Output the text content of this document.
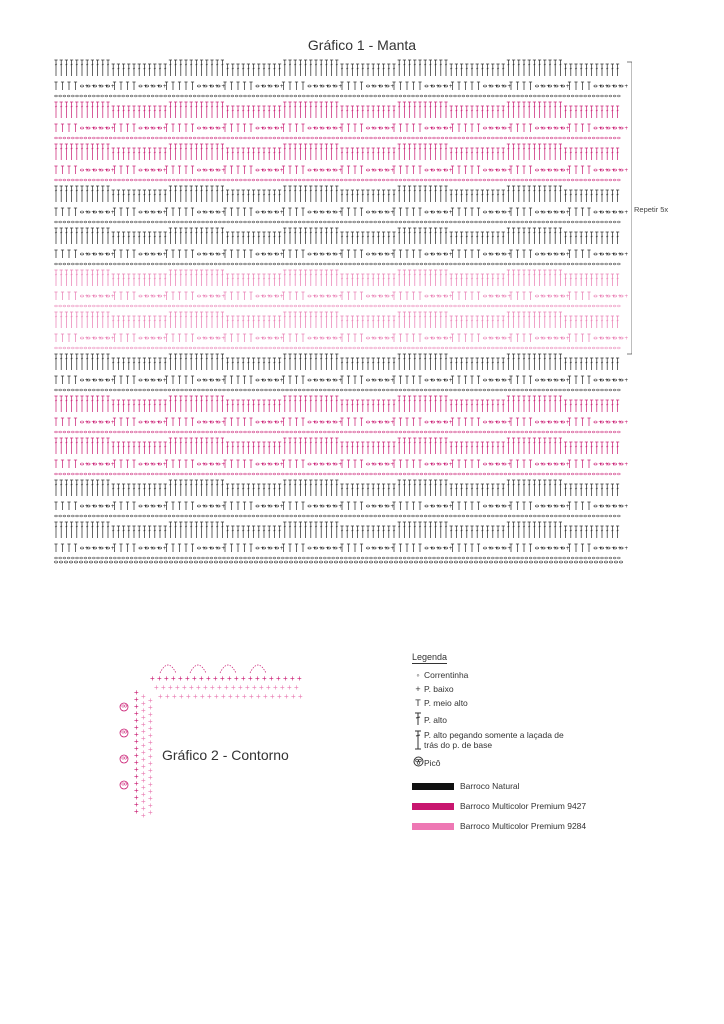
Gráfico 1 - Manta
+ + + + +	+ + + +	+ + + +	+ + + +	+ + + + +	+ + + +	+ + + +	+ + + +	+ + + + +	+ + + + +
+ + + + +	+ + + +	+ + + +	+ + + +	+ + + + +	+ + + +	+ + + +	+ + + +	+ + + + +	+ + + + +
+ + + + +	+ + + +	+ + + +	+ + + +	+ + + + +	+ + + +	+ + + +	+ + + +	+ + + + +	+ + + + +
+ + + + +	+ + + +	+ + + +	+ + + +	+ + + + +	+ + + +	+ + + +	+ + + +	+ + + + +	+ + + + +
+ + + + +	+ + + +	+ + + +	+ + + +	+ + + + +	+ + + +	+ + + +	+ + + +	+ + + + +	+ + + + +
+ + + + +	+ + + +	+ + + +	+ + + +	+ + + + +	+ + + +	+ + + +	+ + + +	+ + + + +	+ + + + +
+ + + + +	+ + + +	+ + + +	+ + + +	+ + + + +	+ + + +	+ + + +	+ + + +	+ + + + +	+ + + + +
+ + + + +	+ + + +	+ + + +	+ + + +	+ + + + +	+ + + +	+ + + +	+ + + +	+ + + + +	+ + + + +
+ + + + +	+ + + +	+ + + +	+ + + +	+ + + + +	+ + + +	+ + + +	+ + + +	+ + + + +	+ + + + +
+ + + + +	+ + + +	+ + + +	+ + + +	+ + + + +	+ + + +	+ + + +	+ + + +	+ + + + +	+ + + + +
+ + + + +	+ + + +	+ + + +	+ + + +	+ + + + +	+ + + +	+ + + +	+ + + +	+ + + + +	+ + + + +
+ + + + +	+ + + +	+ + + +	+ + + +	+ + + + +	+ + + +	+ + + +	+ + + +	+ + + + +	+ + + + +
Repetir 5x
+ + + + + + + + + + + + + + + + + + + + + +
+ + + + + + + + + + + + + + + + + + + + +
+ + + + + + + + + + + + + + + + + + + + +
+
+
+
+
+
+
+
+
+
+
+
+
+
+
+
+
+
+
+
+
+
+
+
+
+
+
+
+
+
+
+
+
+
+
+
+
+
+
+
+
+
+
+
+
+
+
+
+
+
+
+
+
+
Gráfico 2 - Contorno
Legenda
◦ Correntinha
+ P. baixo
T P. meio alto
P. alto
P. alto pegando somente a laçada de trás do p. de base
Picô
Barroco Natural
Barroco Multicolor Premium 9427
Barroco Multicolor Premium 9284
